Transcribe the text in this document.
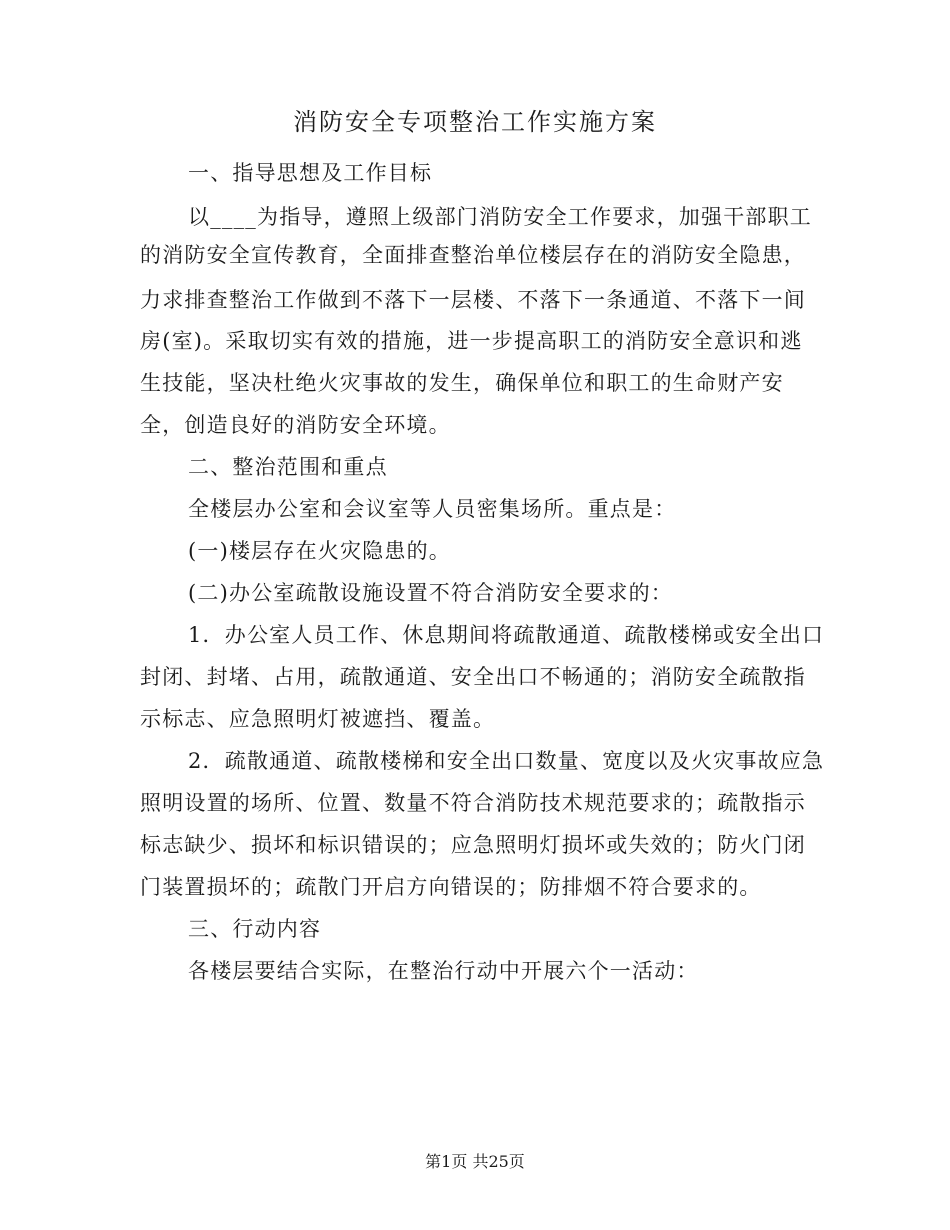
消防安全专项整治工作实施方案
一、指导思想及工作目标
以____为指导，遵照上级部门消防安全工作要求，加强干部职工
的消防安全宣传教育，全面排查整治单位楼层存在的消防安全隐患，
力求排查整治工作做到不落下一层楼、不落下一条通道、不落下一间
房(室)。采取切实有效的措施，进一步提高职工的消防安全意识和逃
生技能，坚决杜绝火灾事故的发生，确保单位和职工的生命财产安
全，创造良好的消防安全环境。
二、整治范围和重点
全楼层办公室和会议室等人员密集场所。重点是：
(一)楼层存在火灾隐患的。
(二)办公室疏散设施设置不符合消防安全要求的：
1．办公室人员工作、休息期间将疏散通道、疏散楼梯或安全出口
封闭、封堵、占用，疏散通道、安全出口不畅通的；消防安全疏散指
示标志、应急照明灯被遮挡、覆盖。
2．疏散通道、疏散楼梯和安全出口数量、宽度以及火灾事故应急
照明设置的场所、位置、数量不符合消防技术规范要求的；疏散指示
标志缺少、损坏和标识错误的；应急照明灯损坏或失效的；防火门闭
门装置损坏的；疏散门开启方向错误的；防排烟不符合要求的。
三、行动内容
各楼层要结合实际，在整治行动中开展六个一活动：
第1页 共25页
